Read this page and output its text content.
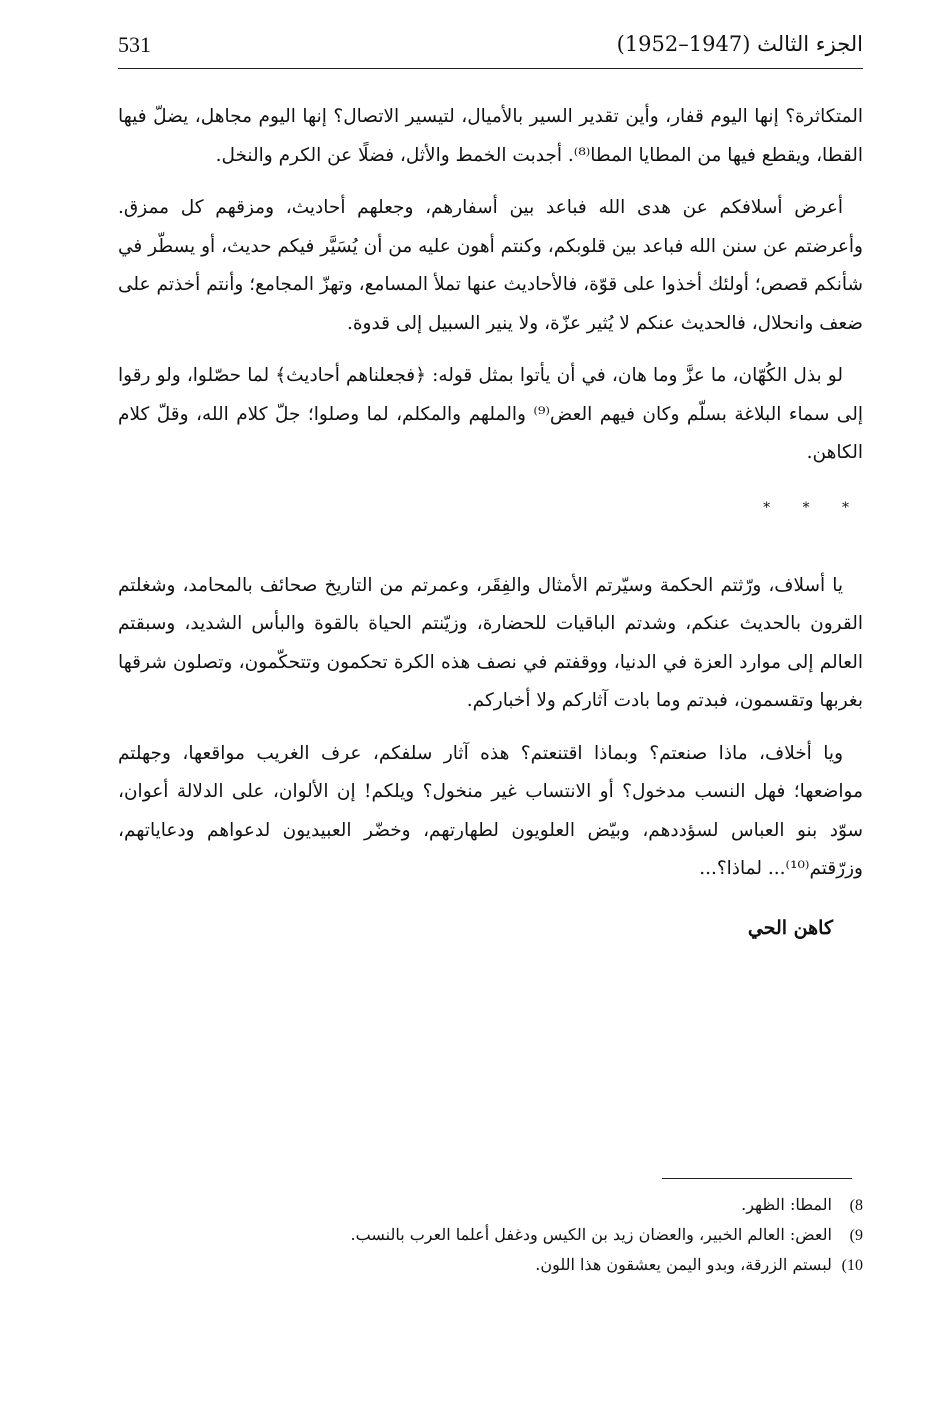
531	الجزء الثالث (1947–1952)

المتكاثرة؟ إنها اليوم قفار، وأين تقدير السير بالأميال، لتيسير الاتصال؟ إنها اليوم مجاهل، يضلّ فيها القطا، ويقطع فيها من المطايا المطا⁽⁸⁾. أجدبت الخمط والأثل، فضلًا عن الكرم والنخل.

أعرض أسلافكم عن هدى الله فباعد بين أسفارهم، وجعلهم أحاديث، ومزقهم كل ممزق. وأعرضتم عن سنن الله فباعد بين قلوبكم، وكنتم أهون عليه من أن يُسَيَّر فيكم حديث، أو يسطّر في شأنكم قصص؛ أولئك أخذوا على قوّة، فالأحاديث عنها تملأ المسامع، وتهزّ المجامع؛ وأنتم أخذتم على ضعف وانحلال، فالحديث عنكم لا يُثير عزّة، ولا ينير السبيل إلى قدوة.

لو بذل الكُهّان، ما عزَّ وما هان، في أن يأتوا بمثل قوله: ﴿فجعلناهم أحاديث﴾ لما حصّلوا، ولو رقوا إلى سماء البلاغة بسلّم وكان فيهم العض⁽⁹⁾ والملهم والمكلم، لما وصلوا؛ جلّ كلام الله، وقلّ كلام الكاهن.

* * *

يا أسلاف، ورّثتم الحكمة وسيّرتم الأمثال والفِقَر، وعمرتم من التاريخ صحائف بالمحامد، وشغلتم القرون بالحديث عنكم، وشدتم الباقيات للحضارة، وزيّنتم الحياة بالقوة والبأس الشديد، وسبقتم العالم إلى موارد العزة في الدنيا، ووقفتم في نصف هذه الكرة تحكمون وتتحكّمون، وتصلون شرقها بغربها وتقسمون، فبدتم وما بادت آثاركم ولا أخباركم.

ويا أخلاف، ماذا صنعتم؟ وبماذا اقتنعتم؟ هذه آثار سلفكم، عرف الغريب مواقعها، وجهلتم مواضعها؛ فهل النسب مدخول؟ أو الانتساب غير منخول؟ ويلكم! إن الألوان، على الدلالة أعوان، سوّد بنو العباس لسؤددهم، وبيّض العلويون لطهارتهم، وخضّر العبيديون لدعواهم ودعاياتهم، وزرّقتم⁽¹⁰⁾... لماذا؟...

كاهن الحي
8) المطا: الظهر.
9) العض: العالم الخبير، والعضان زيد بن الكيس ودغفل أعلما العرب بالنسب.
10) لبستم الزرقة، وبدو اليمن يعشقون هذا اللون.
